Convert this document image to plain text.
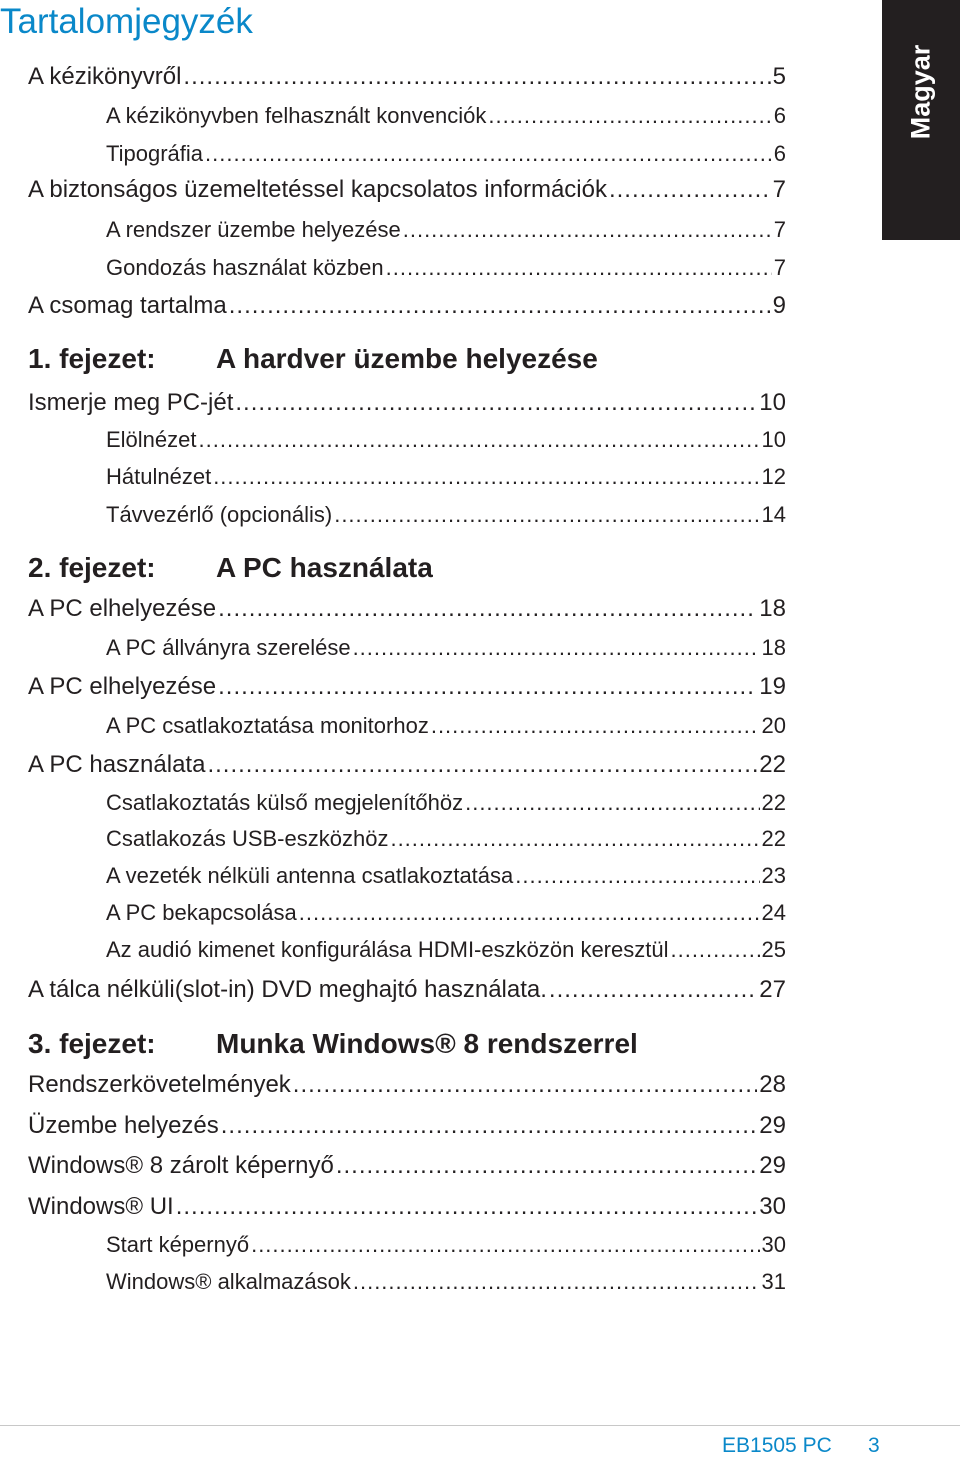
Tartalomjegyzék
Magyar
A kézikönyvről .....	5
A kézikönyvben felhasznált konvenciók .....	6
Tipográfia .....	6
A biztonságos üzemeltetéssel kapcsolatos információk .....	7
A rendszer üzembe helyezése .....	7
Gondozás használat közben .....	7
A csomag tartalma .....	9
1. fejezet: A hardver üzembe helyezése
Ismerje meg PC-jét .....	10
Elölnézet .....	10
Hátulnézet .....	12
Távvezérlő (opcionális) .....	14
2. fejezet: A PC használata
A PC elhelyezése .....	18
A PC állványra szerelése .....	18
A PC elhelyezése .....	19
A PC csatlakoztatása monitorhoz .....	20
A PC használata .....	22
Csatlakoztatás külső megjelenítőhöz .....	22
Csatlakozás USB-eszközhöz .....	22
A vezeték nélküli antenna csatlakoztatása .....	23
A PC bekapcsolása .....	24
Az audió kimenet konfigurálása HDMI-eszközön keresztül .....	25
A tálca nélküli(slot-in) DVD meghajtó használata. .....	27
3. fejezet: Munka Windows® 8 rendszerrel
Rendszerkövetelmények .....	28
Üzembe helyezés .....	29
Windows® 8 zárolt képernyő .....	29
Windows® UI .....	30
Start képernyő .....	30
Windows® alkalmazások .....	31
EB1505 PC 3
